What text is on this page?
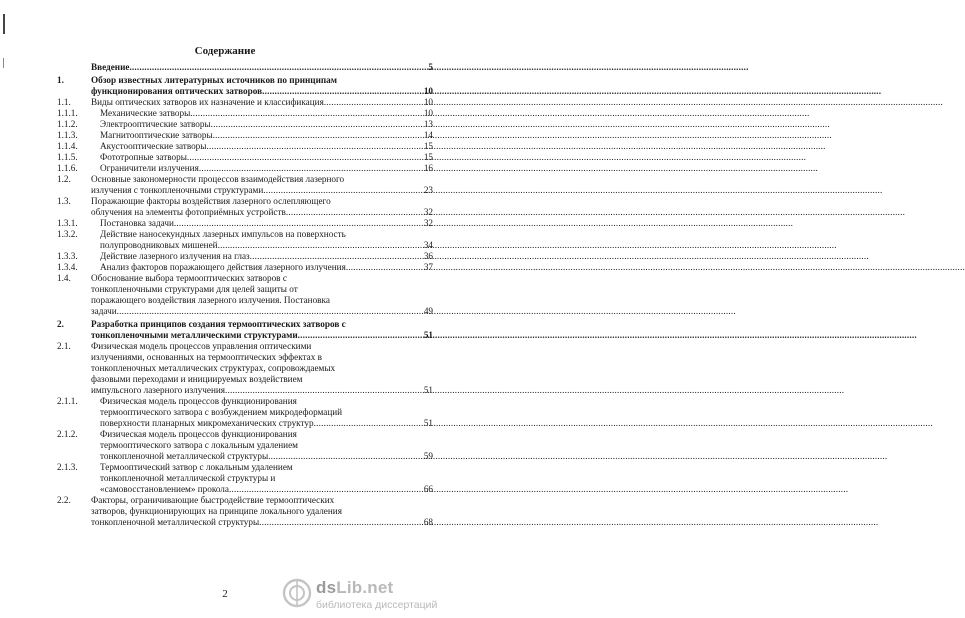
Содержание
Введение .....	5
1.	Обзор известных литературных источников по принципам
функционирования оптических затворов .....	10
1.1.	Виды оптических затворов их назначение и классификация .....	10
1.1.1.	Механические затворы .....	10
1.1.2.	Электрооптические затворы .....	13
1.1.3.	Магнитооптические затворы .....	14
1.1.4.	Акустооптические затворы .....	15
1.1.5.	Фототропные затворы .....	15
1.1.6.	Ограничители излучения .....	16
1.2.	Основные закономерности процессов взаимодействия лазерного
излучения с тонкопленочными структурами .....	23
1.3.	Поражающие факторы воздействия лазерного ослепляющего
облучения на элементы фотоприёмных устройств .....	32
1.3.1.	Постановка задачи .....	32
1.3.2.	Действие наносекундных лазерных импульсов на поверхность
полупроводниковых мишеней .....	34
1.3.3.	Действие лазерного излучения на глаз .....	36
1.3.4.	Анализ факторов поражающего действия лазерного излучения .....	37
1.4.	Обоснование выбора термооптических затворов с
тонкопленочными структурами для целей защиты от
поражающего воздействия лазерного излучения. Постановка
задачи .....	49
2.	Разработка принципов создания термооптических затворов с
тонкопленочными металлическими структурами .....	51
2.1.	Физическая модель процессов управления оптическими
излучениями, основанных на термооптических эффектах в
тонкопленочных металлических структурах, сопровождаемых
фазовыми переходами и инициируемых воздействием
импульсного лазерного излучения .....	51
2.1.1.	Физическая модель процессов функционирования
термооптического затвора с возбуждением микродеформаций
поверхности планарных микромеханических структур .....	51
2.1.2.	Физическая модель процессов функционирования
термооптического затвора с локальным удалением
тонкопленочной металлической структуры .....	59
2.1.3.	Термооптический затвор с локальным удалением
тонкопленочной металлической структуры и
«самовосстановлением» прокола .....	66
2.2.	Факторы, ограничивающие быстродействие термооптических
затворов, функционирующих на принципе локального удаления
тонкопленочной металлической структуры .....	68
2	dsLib.net
библиотека диссертаций
